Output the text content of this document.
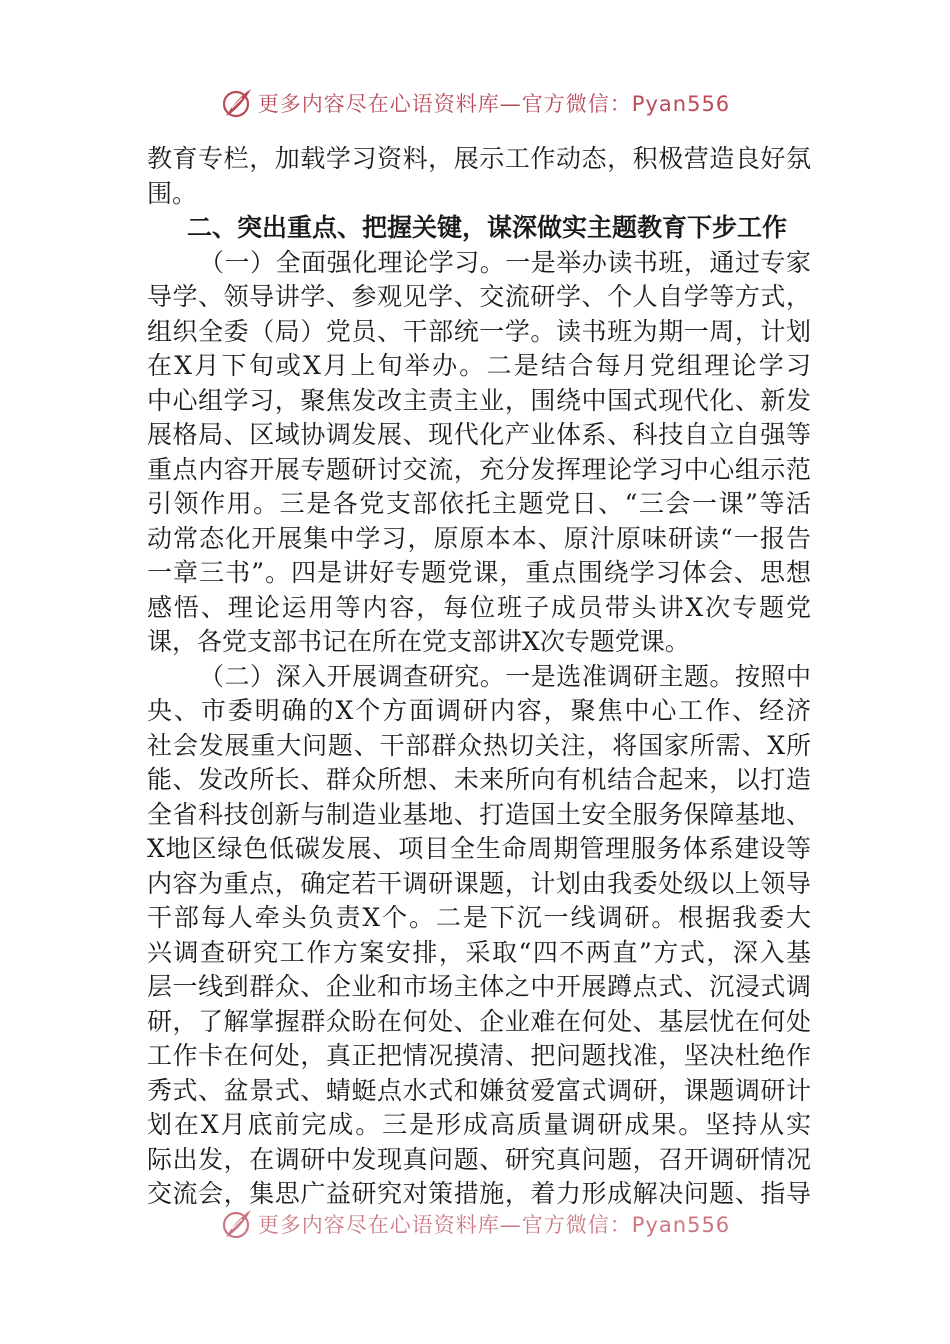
更多内容尽在心语资料库—官方微信：Pyan556
教育专栏，加载学习资料，展示工作动态，积极营造良好氛
围。
二、突出重点、把握关键，谋深做实主题教育下步工作
（一）全面强化理论学习。一是举办读书班，通过专家
导学、领导讲学、参观见学、交流研学、个人自学等方式，
组织全委（局）党员、干部统一学。读书班为期一周，计划
在X月下旬或X月上旬举办。二是结合每月党组理论学习
中心组学习，聚焦发改主责主业，围绕中国式现代化、新发
展格局、区域协调发展、现代化产业体系、科技自立自强等
重点内容开展专题研讨交流，充分发挥理论学习中心组示范
引领作用。三是各党支部依托主题党日、“三会一课”等活
动常态化开展集中学习，原原本本、原汁原味研读“一报告
一章三书”。四是讲好专题党课，重点围绕学习体会、思想
感悟、理论运用等内容，每位班子成员带头讲X次专题党
课，各党支部书记在所在党支部讲X次专题党课。
（二）深入开展调查研究。一是选准调研主题。按照中
央、市委明确的X个方面调研内容，聚焦中心工作、经济
社会发展重大问题、干部群众热切关注，将国家所需、X所
能、发改所长、群众所想、未来所向有机结合起来，以打造
全省科技创新与制造业基地、打造国土安全服务保障基地、
X地区绿色低碳发展、项目全生命周期管理服务体系建设等
内容为重点，确定若干调研课题，计划由我委处级以上领导
干部每人牵头负责X个。二是下沉一线调研。根据我委大
兴调查研究工作方案安排，采取“四不两直”方式，深入基
层一线到群众、企业和市场主体之中开展蹲点式、沉浸式调
研，了解掌握群众盼在何处、企业难在何处、基层忧在何处
工作卡在何处，真正把情况摸清、把问题找准，坚决杜绝作
秀式、盆景式、蜻蜓点水式和嫌贫爱富式调研，课题调研计
划在X月底前完成。三是形成高质量调研成果。坚持从实
际出发，在调研中发现真问题、研究真问题，召开调研情况
交流会，集思广益研究对策措施，着力形成解决问题、指导
更多内容尽在心语资料库—官方微信：Pyan556
